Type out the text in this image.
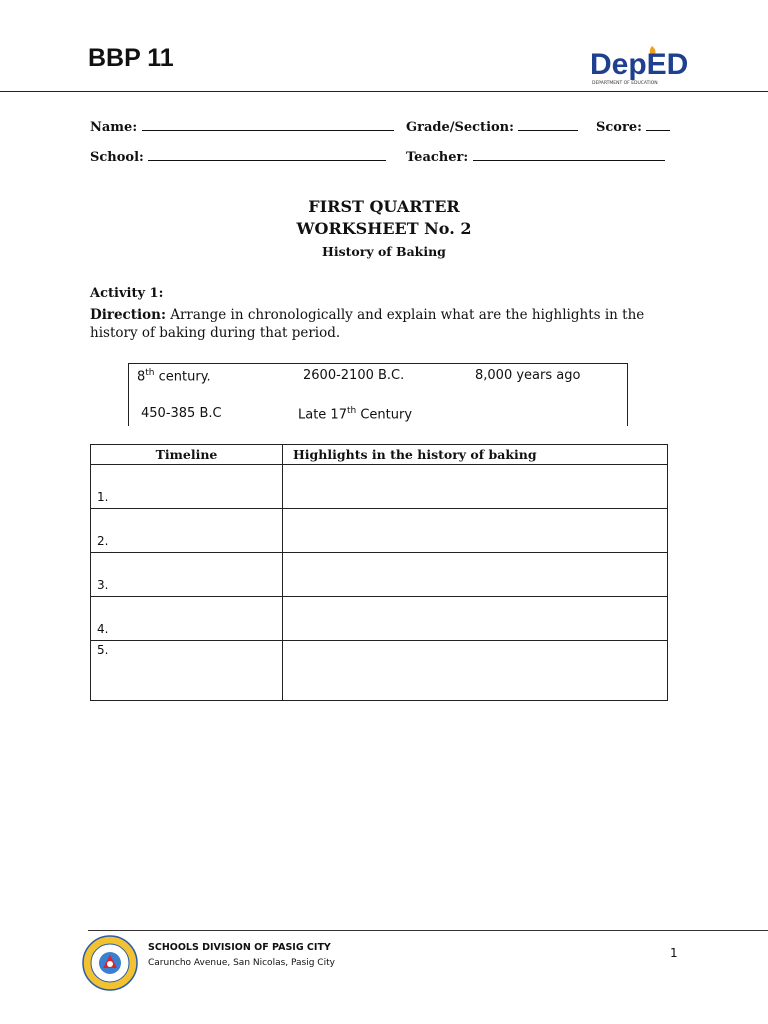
BBP 11	DepED
DEPARTMENT OF EDUCATION
Name:	Grade/Section:	Score:
School:	Teacher:
FIRST QUARTER
WORKSHEET No. 2
History of Baking
Activity 1:
Direction: Arrange in chronologically and explain what are the highlights in the history of baking during that period.
8th century.	2600-2100 B.C.	8,000 years ago
450-385 B.C	Late 17th Century
Timeline	Highlights in the history of baking
1.	
2.	
3.	
4.	
5.	
SCHOOLS DIVISION OF PASIG CITY
Caruncho Avenue, San Nicolas, Pasig City
1
